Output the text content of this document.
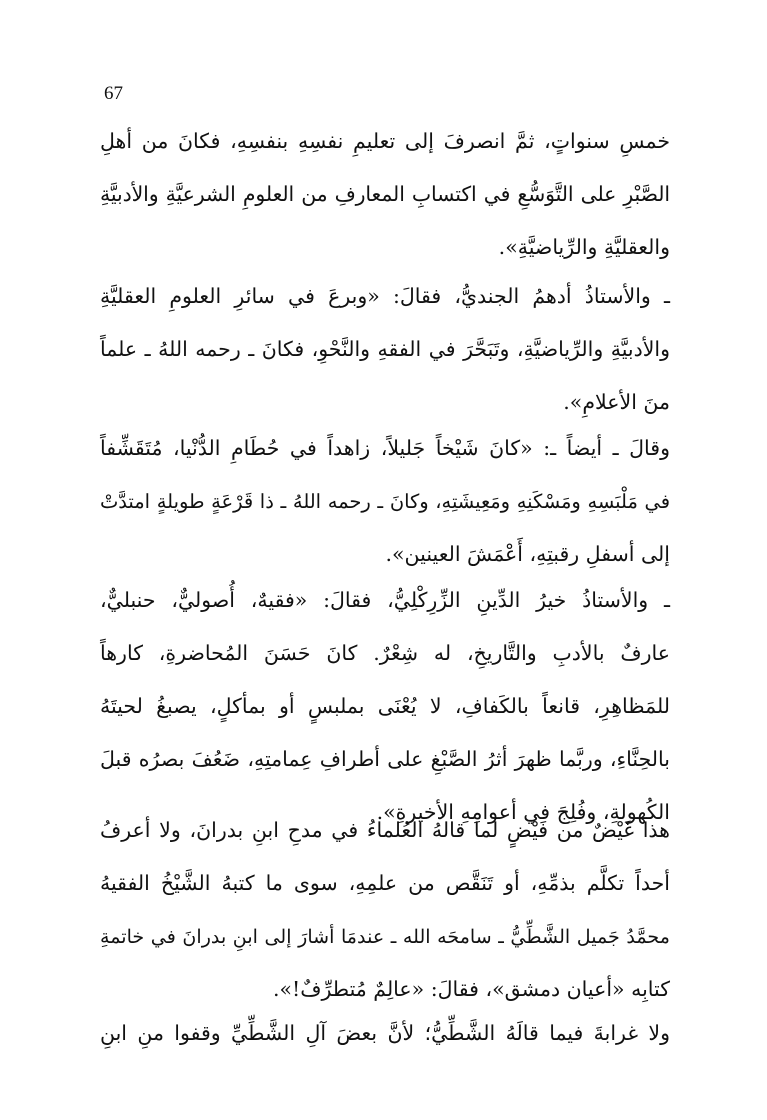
67
خمسِ سنواتٍ، ثمَّ انصرفَ إلى تعليمِ نفسِهِ بنفسِهِ، فكانَ من أهلِ
الصَّبْرِ على التَّوَسُّعِ في اكتسابِ المعارفِ من العلومِ الشرعيَّةِ والأدبيَّةِ
والعقليَّةِ والرِّياضيَّةِ».
ـ والأستاذُ أدهمُ الجنديُّ، فقالَ: «وبرعَ في سائرِ العلومِ العقليَّةِ
والأدبيَّةِ والرِّياضيَّةِ، وتَبَحَّرَ في الفقهِ والنَّحْوِ، فكانَ ـ رحمه اللهُ ـ علماً
منَ الأعلامِ».
وقالَ ـ أيضاً ـ: «كانَ شَيْخاً جَليلاً، زاهداً في حُطَامِ الدُّنْيا، مُتَقَشِّفاً
في مَلْبَسِهِ ومَسْكَنِهِ ومَعِيشَتِهِ، وكانَ ـ رحمه اللهُ ـ ذا قَرْعَةٍ طويلةٍ امتدَّتْ
إلى أسفلِ رقبتِهِ، أَعْمَشَ العينين».
ـ والأستاذُ خيرُ الدِّينِ الزِّرِكْلِيُّ، فقالَ: «فقيهٌ، أُصوليٌّ، حنبليٌّ،
عارفٌ بالأدبِ والتَّاريخِ، له شِعْرٌ. كانَ حَسَنَ المُحاضرةِ، كارهاً
للمَظاهِرِ، قانعاً بالكَفافِ، لا يُعْنَى بملبسٍ أو بمأكلٍ، يصبغُ لحيتَهُ
بالحِنَّاءِ، وربَّما ظهرَ أثرُ الصَّبْغِ على أطرافِ عِمامتِهِ، ضَعُفَ بصرُه قبلَ
الكُهولةِ، وفُلِجَ في أعوامِهِ الأخيرةِ».
هذا غَيْضٌ من فَيْضٍ لما قالهُ العُلماءُ في مدحِ ابنِ بدرانَ، ولا أعرفُ
أحداً تكلَّم بذمِّهِ، أو تَنَقَّص من علمِهِ، سوى ما كتبهُ الشَّيْخُ الفقيهُ
محمَّدُ جَميل الشَّطِّيُّ ـ سامحَه الله ـ عندمَا أشارَ إلى ابنِ بدرانَ في خاتمةِ
كتابِه «أعيان دمشق»، فقالَ: «عالِمٌ مُتطرِّفٌ!».
ولا غرابةَ فيما قالَهُ الشَّطِّيُّ؛ لأنَّ بعضَ آلِ الشَّطِّيِّ وقفوا منِ ابنِ
